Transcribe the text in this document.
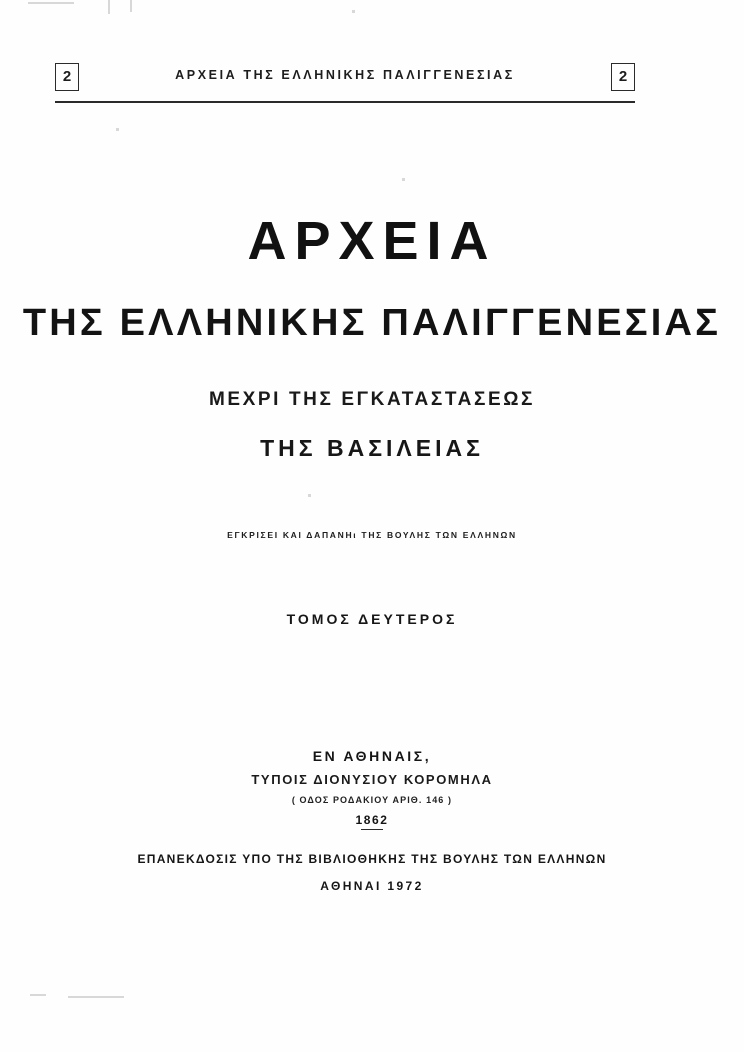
2	ΑΡΧΕΙΑ ΤΗΣ ΕΛΛΗΝΙΚΗΣ ΠΑΛΙΓΓΕΝΕΣΙΑΣ	2
ΑΡΧΕΙΑ
ΤΗΣ ΕΛΛΗΝΙΚΗΣ ΠΑΛΙΓΓΕΝΕΣΙΑΣ
ΜΕΧΡΙ ΤΗΣ ΕΓΚΑΤΑΣΤΑΣΕΩΣ
ΤΗΣ ΒΑΣΙΛΕΙΑΣ
ΕΓΚΡΙΣΕΙ ΚΑΙ ΔΑΠΑΝΗι ΤΗΣ ΒΟΥΛΗΣ ΤΩΝ ΕΛΛΗΝΩΝ
ΤΟΜΟΣ ΔΕΥΤΕΡΟΣ
ΕΝ ΑΘΗΝΑΙΣ,
ΤΥΠΟΙΣ ΔΙΟΝΥΣΙΟΥ ΚΟΡΟΜΗΛΑ
( ΟΔΟΣ ΡΟΔΑΚΙΟΥ ΑΡΙΘ. 146 )
1862
ΕΠΑΝΕΚΔΟΣΙΣ ΥΠΟ ΤΗΣ ΒΙΒΛΙΟΘΗΚΗΣ ΤΗΣ ΒΟΥΛΗΣ ΤΩΝ ΕΛΛΗΝΩΝ
ΑΘΗΝΑΙ 1972
